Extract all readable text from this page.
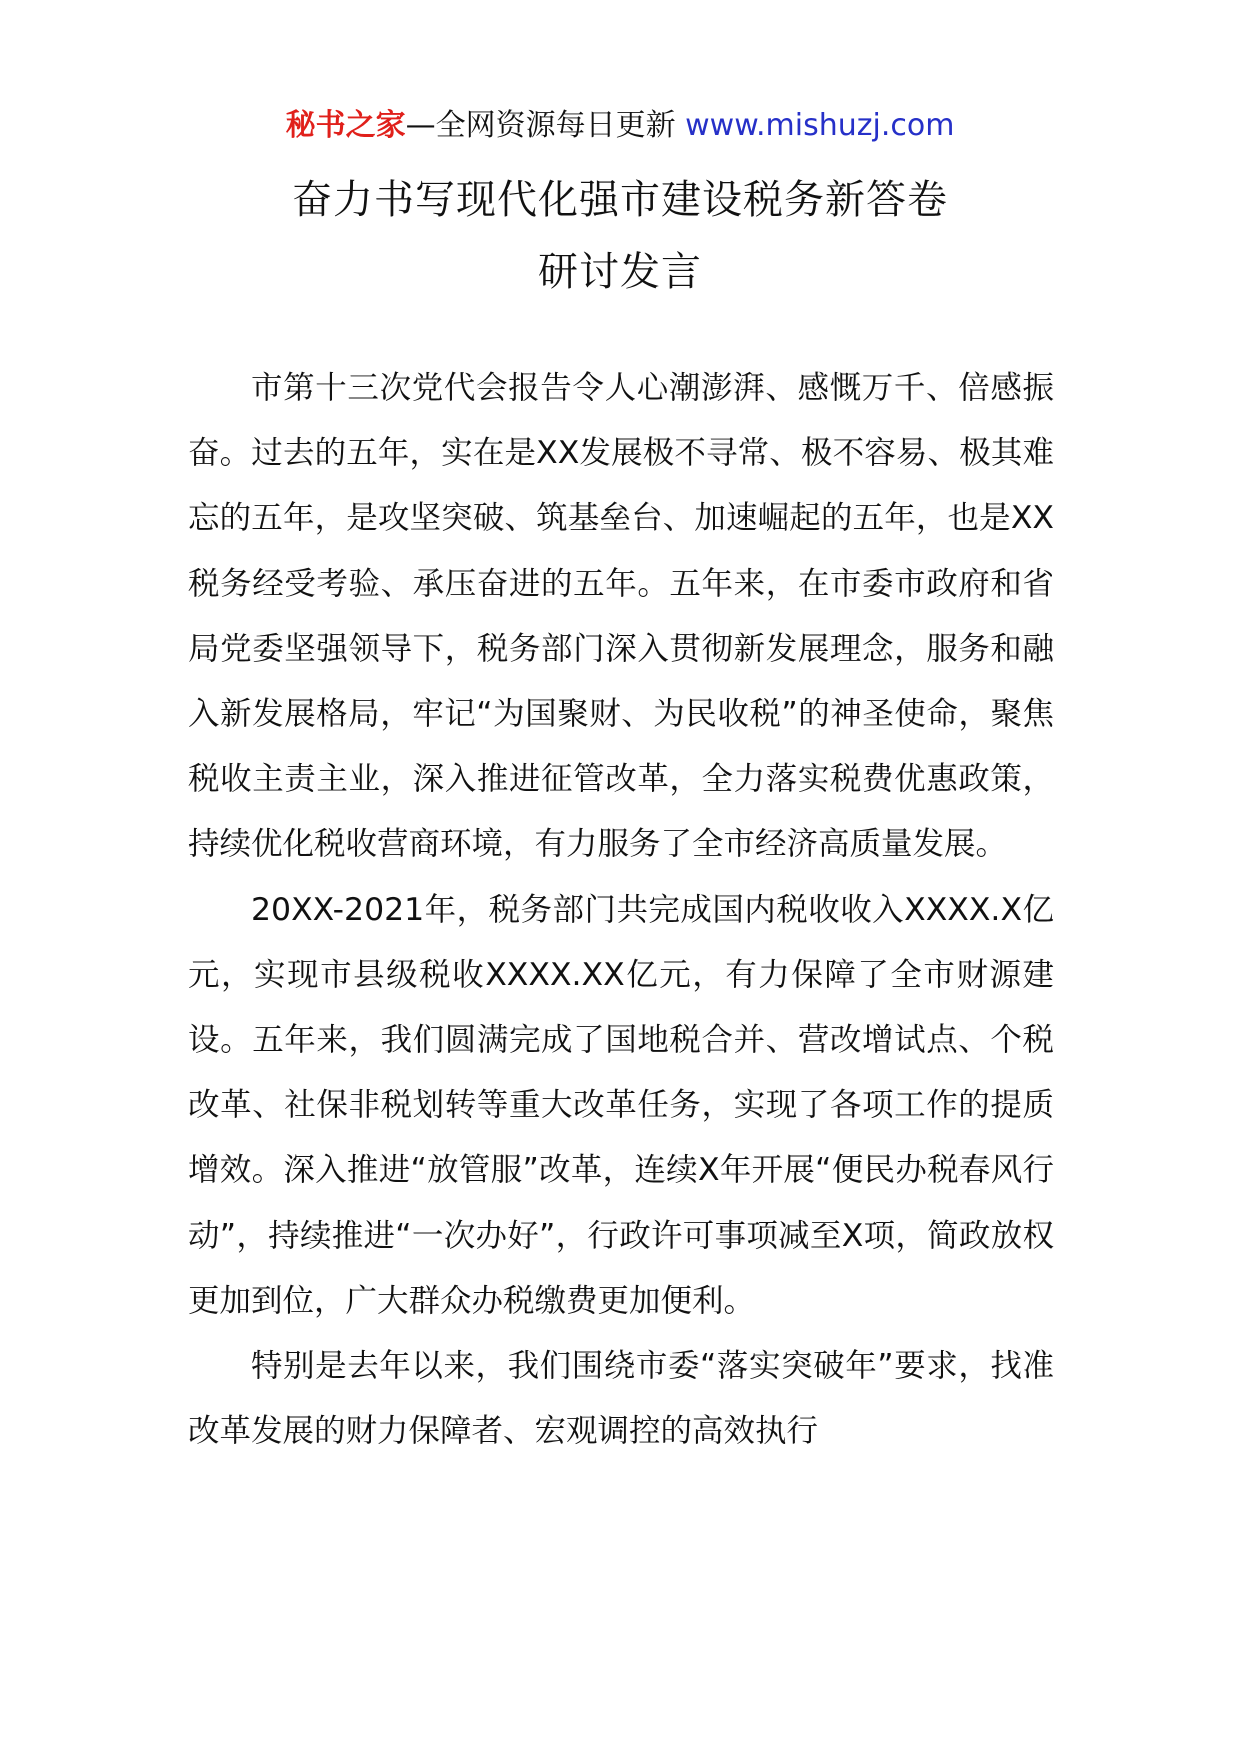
秘书之家—全网资源每日更新 www.mishuzj.com
奋力书写现代化强市建设税务新答卷
研讨发言

市第十三次党代会报告令人心潮澎湃、感慨万千、倍感振奋。过去的五年，实在是XX发展极不寻常、极不容易、极其难忘的五年，是攻坚突破、筑基垒台、加速崛起的五年，也是XX税务经受考验、承压奋进的五年。五年来，在市委市政府和省局党委坚强领导下，税务部门深入贯彻新发展理念，服务和融入新发展格局，牢记“为国聚财、为民收税”的神圣使命，聚焦税收主责主业，深入推进征管改革，全力落实税费优惠政策，持续优化税收营商环境，有力服务了全市经济高质量发展。

20XX-2021年，税务部门共完成国内税收收入XXXX.X亿元，实现市县级税收XXXX.XX亿元，有力保障了全市财源建设。五年来，我们圆满完成了国地税合并、营改增试点、个税改革、社保非税划转等重大改革任务，实现了各项工作的提质增效。深入推进“放管服”改革，连续X年开展“便民办税春风行动”，持续推进“一次办好”，行政许可事项减至X项，简政放权更加到位，广大群众办税缴费更加便利。

特别是去年以来，我们围绕市委“落实突破年”要求，找准改革发展的财力保障者、宏观调控的高效执行
